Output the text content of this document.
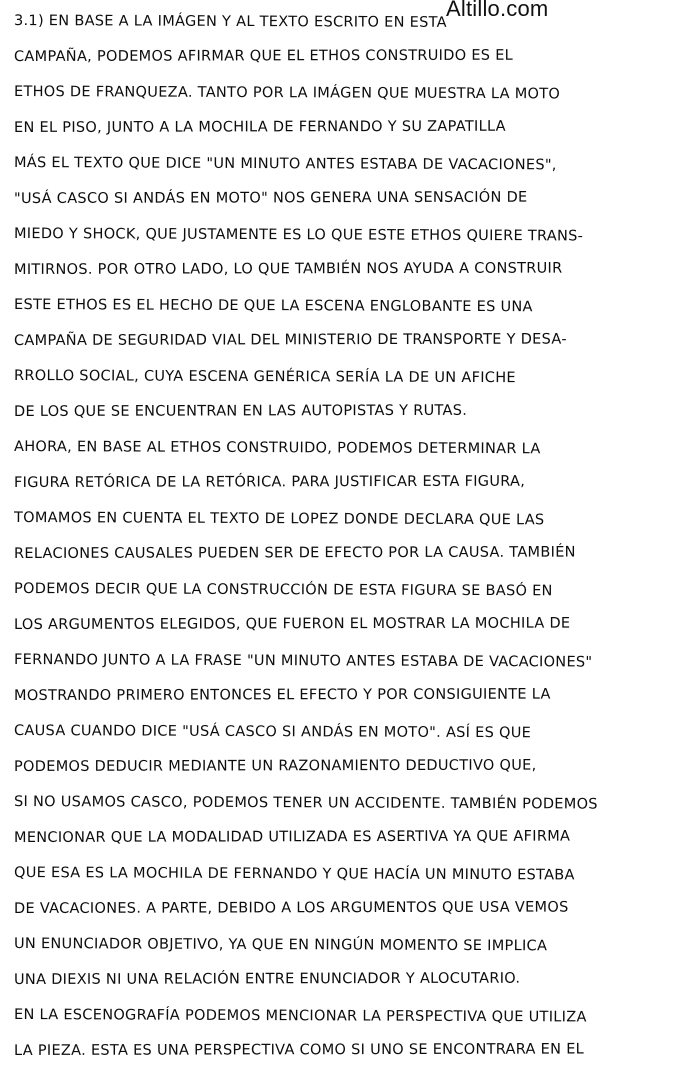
Altillo.com
3.1) EN BASE A LA IMÁGEN Y AL TEXTO ESCRITO EN ESTA
CAMPAÑA, PODEMOS AFIRMAR QUE EL ETHOS CONSTRUIDO ES EL
ETHOS DE FRANQUEZA. TANTO POR LA IMÁGEN QUE MUESTRA LA MOTO
EN EL PISO, JUNTO A LA MOCHILA DE FERNANDO Y SU ZAPATILLA
MÁS EL TEXTO QUE DICE "UN MINUTO ANTES ESTABA DE VACACIONES",
"USÁ CASCO SI ANDÁS EN MOTO" NOS GENERA UNA SENSACIÓN DE
MIEDO Y SHOCK, QUE JUSTAMENTE ES LO QUE ESTE ETHOS QUIERE TRANS-
MITIRNOS. POR OTRO LADO, LO QUE TAMBIÉN NOS AYUDA A CONSTRUIR
ESTE ETHOS ES EL HECHO DE QUE LA ESCENA ENGLOBANTE ES UNA
CAMPAÑA DE SEGURIDAD VIAL DEL MINISTERIO DE TRANSPORTE Y DESA-
RROLLO SOCIAL, CUYA ESCENA GENÉRICA SERÍA LA DE UN AFICHE
DE LOS QUE SE ENCUENTRAN EN LAS AUTOPISTAS Y RUTAS.
AHORA, EN BASE AL ETHOS CONSTRUIDO, PODEMOS DETERMINAR LA
FIGURA RETÓRICA DE LA RETÓRICA. PARA JUSTIFICAR ESTA FIGURA,
TOMAMOS EN CUENTA EL TEXTO DE LOPEZ DONDE DECLARA QUE LAS
RELACIONES CAUSALES PUEDEN SER DE EFECTO POR LA CAUSA. TAMBIÉN
PODEMOS DECIR QUE LA CONSTRUCCIÓN DE ESTA FIGURA SE BASÓ EN
LOS ARGUMENTOS ELEGIDOS, QUE FUERON EL MOSTRAR LA MOCHILA DE
FERNANDO JUNTO A LA FRASE "UN MINUTO ANTES ESTABA DE VACACIONES"
MOSTRANDO PRIMERO ENTONCES EL EFECTO Y POR CONSIGUIENTE LA
CAUSA CUANDO DICE "USÁ CASCO SI ANDÁS EN MOTO". ASÍ ES QUE
PODEMOS DEDUCIR MEDIANTE UN RAZONAMIENTO DEDUCTIVO QUE,
SI NO USAMOS CASCO, PODEMOS TENER UN ACCIDENTE. TAMBIÉN PODEMOS
MENCIONAR QUE LA MODALIDAD UTILIZADA ES ASERTIVA YA QUE AFIRMA
QUE ESA ES LA MOCHILA DE FERNANDO Y QUE HACÍA UN MINUTO ESTABA
DE VACACIONES. A PARTE, DEBIDO A LOS ARGUMENTOS QUE USA VEMOS
UN ENUNCIADOR OBJETIVO, YA QUE EN NINGÚN MOMENTO SE IMPLICA
UNA DIEXIS NI UNA RELACIÓN ENTRE ENUNCIADOR Y ALOCUTARIO.
EN LA ESCENOGRAFÍA PODEMOS MENCIONAR LA PERSPECTIVA QUE UTILIZA
LA PIEZA. ESTA ES UNA PERSPECTIVA COMO SI UNO SE ENCONTRARA EN EL
